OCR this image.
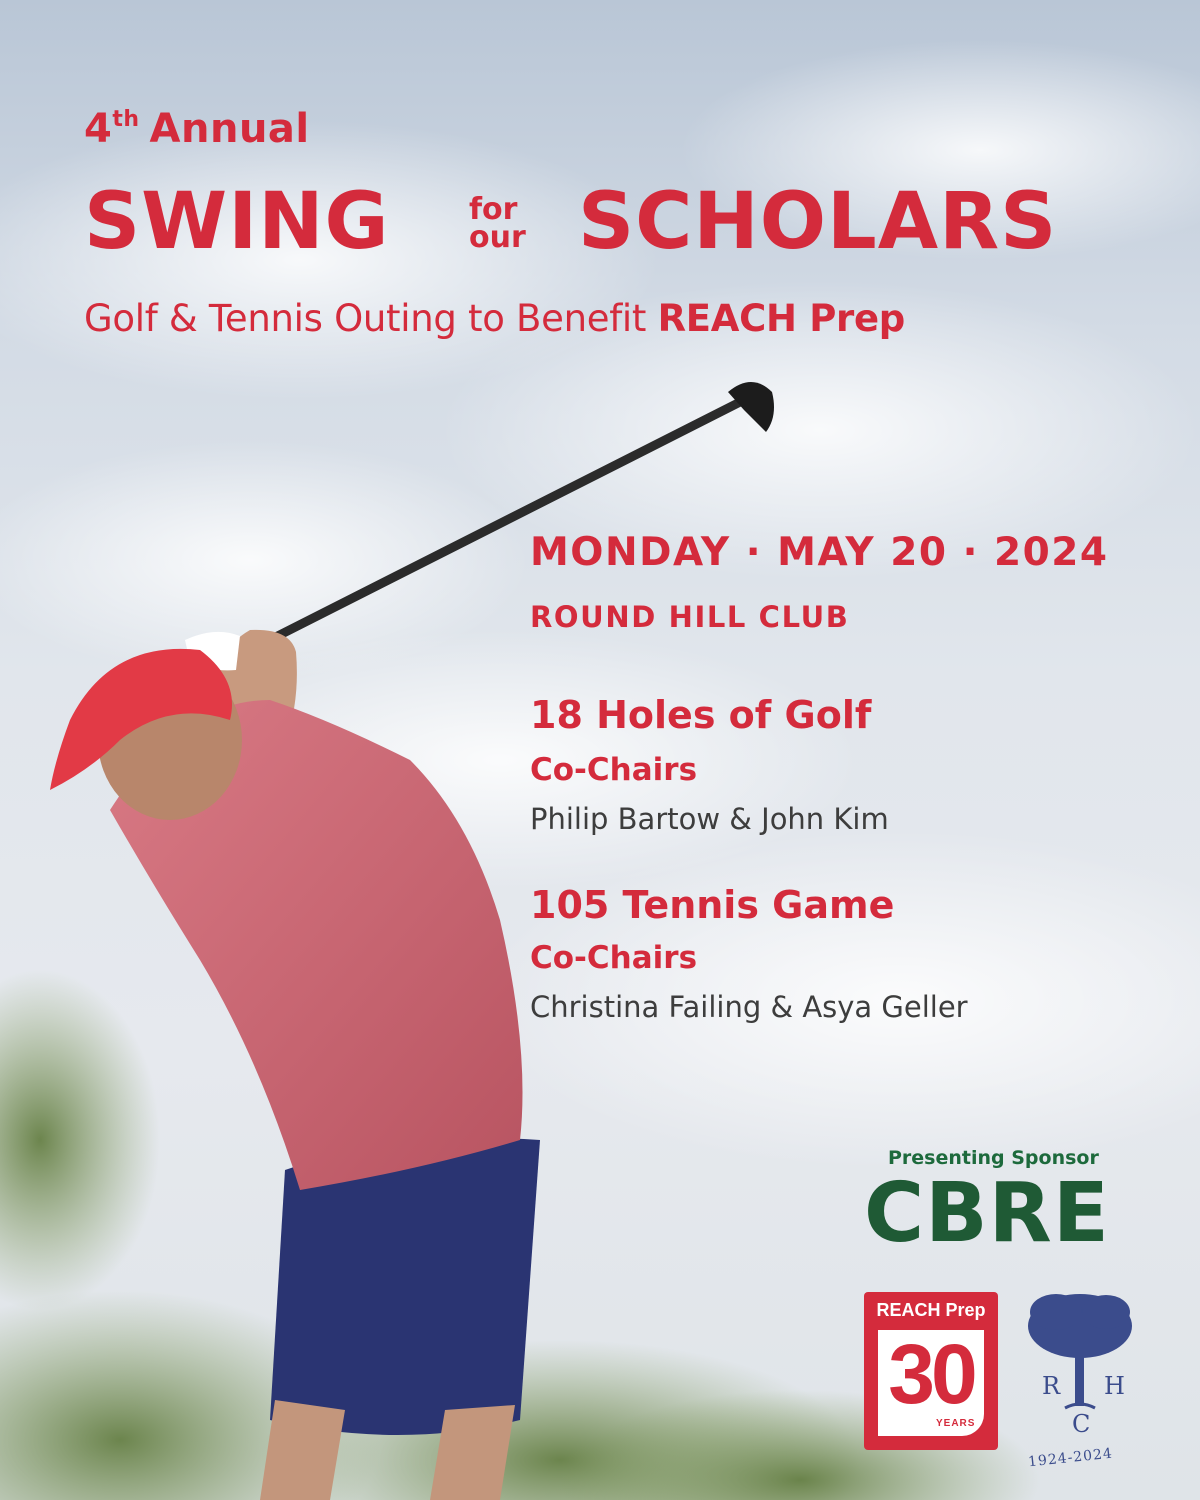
4th Annual
SWING	for
our SCHOLARS

Golf & Tennis Outing to Benefit REACH Prep

MONDAY · MAY 20 · 2024
ROUND HILL CLUB
18 Holes of Golf
Co-Chairs
Philip Bartow & John Kim
105 Tennis Game
Co-Chairs
Christina Failing & Asya Geller
Presenting Sponsor
CBRE
REACH Prep
30
YEARS
R H
C
1924-2024
